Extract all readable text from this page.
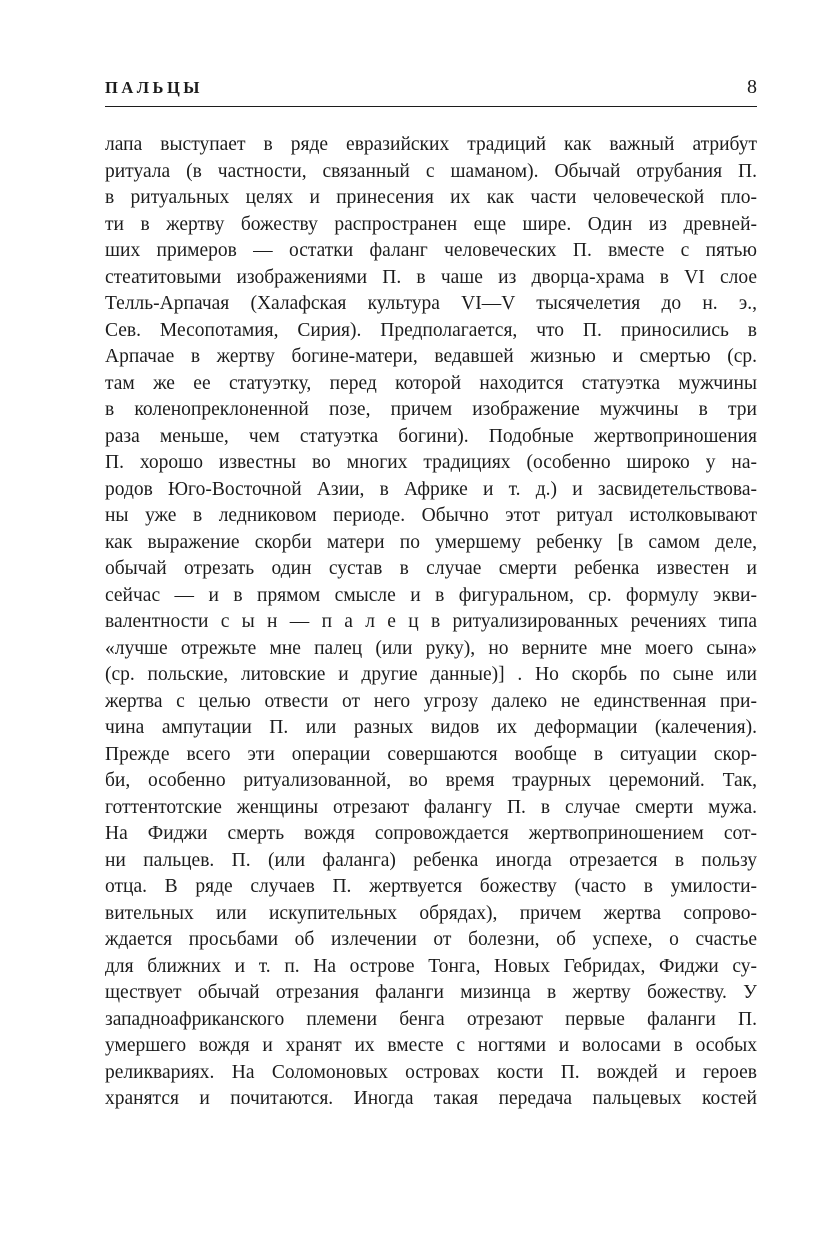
ПАЛЬЦЫ	8
лапа выступает в ряде евразийских традиций как важный атрибут
ритуала (в частности, связанный с шаманом). Обычай отрубания П.
в ритуальных целях и принесения их как части человеческой пло-
ти в жертву божеству распространен еще шире. Один из древней-
ших примеров — остатки фаланг человеческих П. вместе с пятью
стеатитовыми изображениями П. в чаше из дворца-храма в VI слое
Телль-Арпачая (Халафская культура VI—V тысячелетия до н. э.,
Сев. Месопотамия, Сирия). Предполагается, что П. приносились в
Арпачае в жертву богине-матери, ведавшей жизнью и смертью (ср.
там же ее статуэтку, перед которой находится статуэтка мужчины
в коленопреклоненной позе, причем изображение мужчины в три
раза меньше, чем статуэтка богини). Подобные жертвоприношения
П. хорошо известны во многих традициях (особенно широко у на-
родов Юго-Восточной Азии, в Африке и т. д.) и засвидетельствова-
ны уже в ледниковом периоде. Обычно этот ритуал истолковывают
как выражение скорби матери по умершему ребенку [в самом деле,
обычай отрезать один сустав в случае смерти ребенка известен и
сейчас — и в прямом смысле и в фигуральном, ср. формулу экви-
валентности с ы н — п а л е ц в ритуализированных речениях типа
«лучше отрежьте мне палец (или руку), но верните мне моего сына»
(ср. польские, литовские и другие данные)] . Но скорбь по сыне или
жертва с целью отвести от него угрозу далеко не единственная при-
чина ампутации П. или разных видов их деформации (калечения).
Прежде всего эти операции совершаются вообще в ситуации скор-
би, особенно ритуализованной, во время траурных церемоний. Так,
готтентотские женщины отрезают фалангу П. в случае смерти мужа.
На Фиджи смерть вождя сопровождается жертвоприношением сот-
ни пальцев. П. (или фаланга) ребенка иногда отрезается в пользу
отца. В ряде случаев П. жертвуется божеству (часто в умилости-
вительных или искупительных обрядах), причем жертва сопрово-
ждается просьбами об излечении от болезни, об успехе, о счастье
для ближних и т. п. На острове Тонга, Новых Гебридах, Фиджи су-
ществует обычай отрезания фаланги мизинца в жертву божеству. У
западноафриканского племени бенга отрезают первые фаланги П.
умершего вождя и хранят их вместе с ногтями и волосами в особых
реликвариях. На Соломоновых островах кости П. вождей и героев
хранятся и почитаются. Иногда такая передача пальцевых костей
